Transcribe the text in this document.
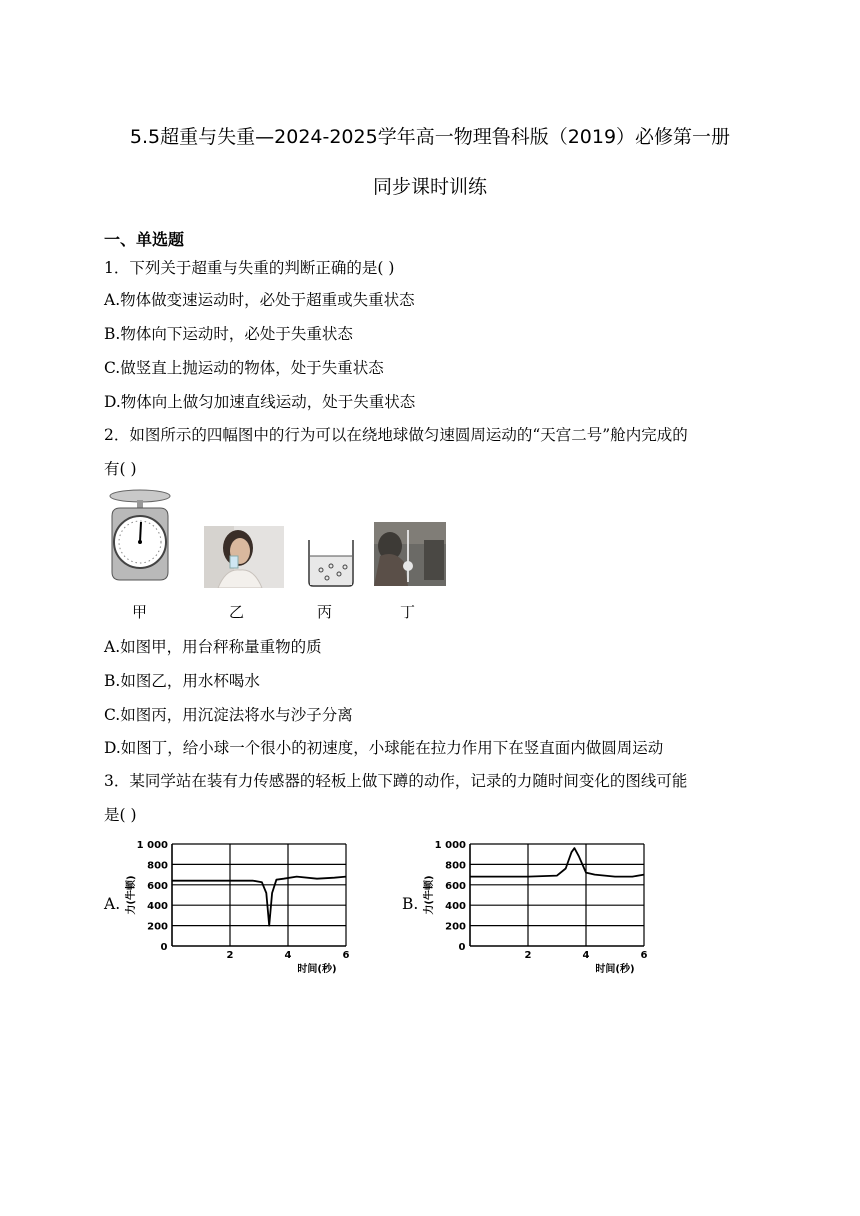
5.5超重与失重—2024-2025学年高一物理鲁科版（2019）必修第一册
同步课时训练
一、单选题
1．下列关于超重与失重的判断正确的是( )
A.物体做变速运动时，必处于超重或失重状态
B.物体向下运动时，必处于失重状态
C.做竖直上抛运动的物体，处于失重状态
D.物体向上做匀加速直线运动，处于失重状态
2．如图所示的四幅图中的行为可以在绕地球做匀速圆周运动的“天宫二号”舱内完成的
有( )
甲	乙	丙	丁
A.如图甲，用台秤称量重物的质
B.如图乙，用水杯喝水
C.如图丙，用沉淀法将水与沙子分离
D.如图丁，给小球一个很小的初速度，小球能在拉力作用下在竖直面内做圆周运动
3．某同学站在装有力传感器的轻板上做下蹲的动作，记录的力随时间变化的图线可能
是( )
A.	B.
1 000
800
600
400
200
0
2	4	6
时间(秒)
力(牛顿)
1 000
800
600
400
200
0
2	4	6
时间(秒)
力(牛顿)
